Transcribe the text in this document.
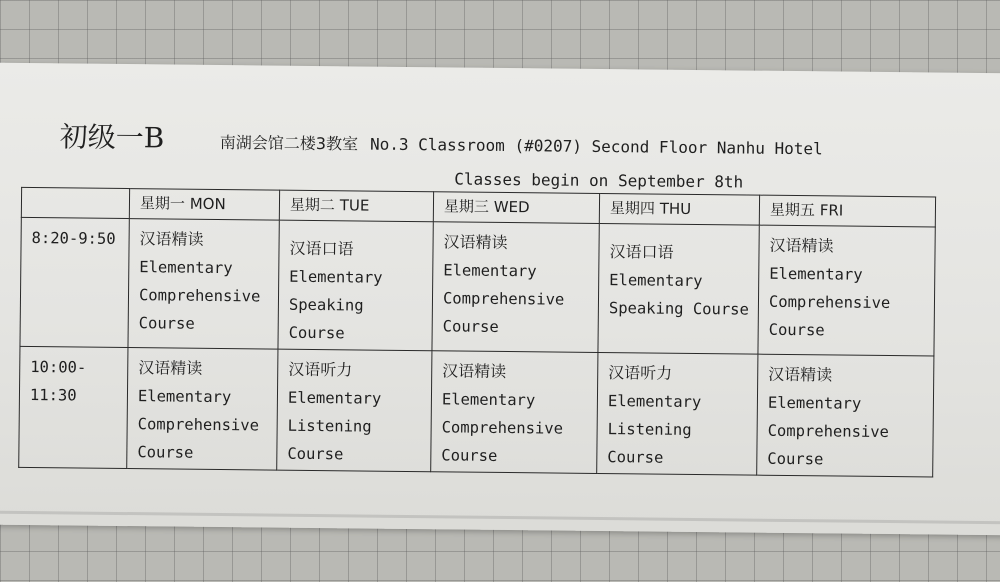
初级一B	南湖会馆二楼3教室 No.3 Classroom (#0207) Second Floor Nanhu Hotel
Classes begin on September 8th
	星期一 MON	星期二 TUE	星期三 WED	星期四 THU	星期五 FRI
8:20-9:50	汉语精读
Elementary
Comprehensive
Course	汉语口语
Elementary
Speaking Course	汉语精读
Elementary
Comprehensive
Course	汉语口语
Elementary
Speaking Course	汉语精读
Elementary
Comprehensive
Course

10:00-11:30	汉语精读
Elementary
Comprehensive
Course	汉语听力
Elementary
Listening
Course	汉语精读
Elementary
Comprehensive
Course	汉语听力
Elementary
Listening
Course	汉语精读
Elementary
Comprehensive
Course
